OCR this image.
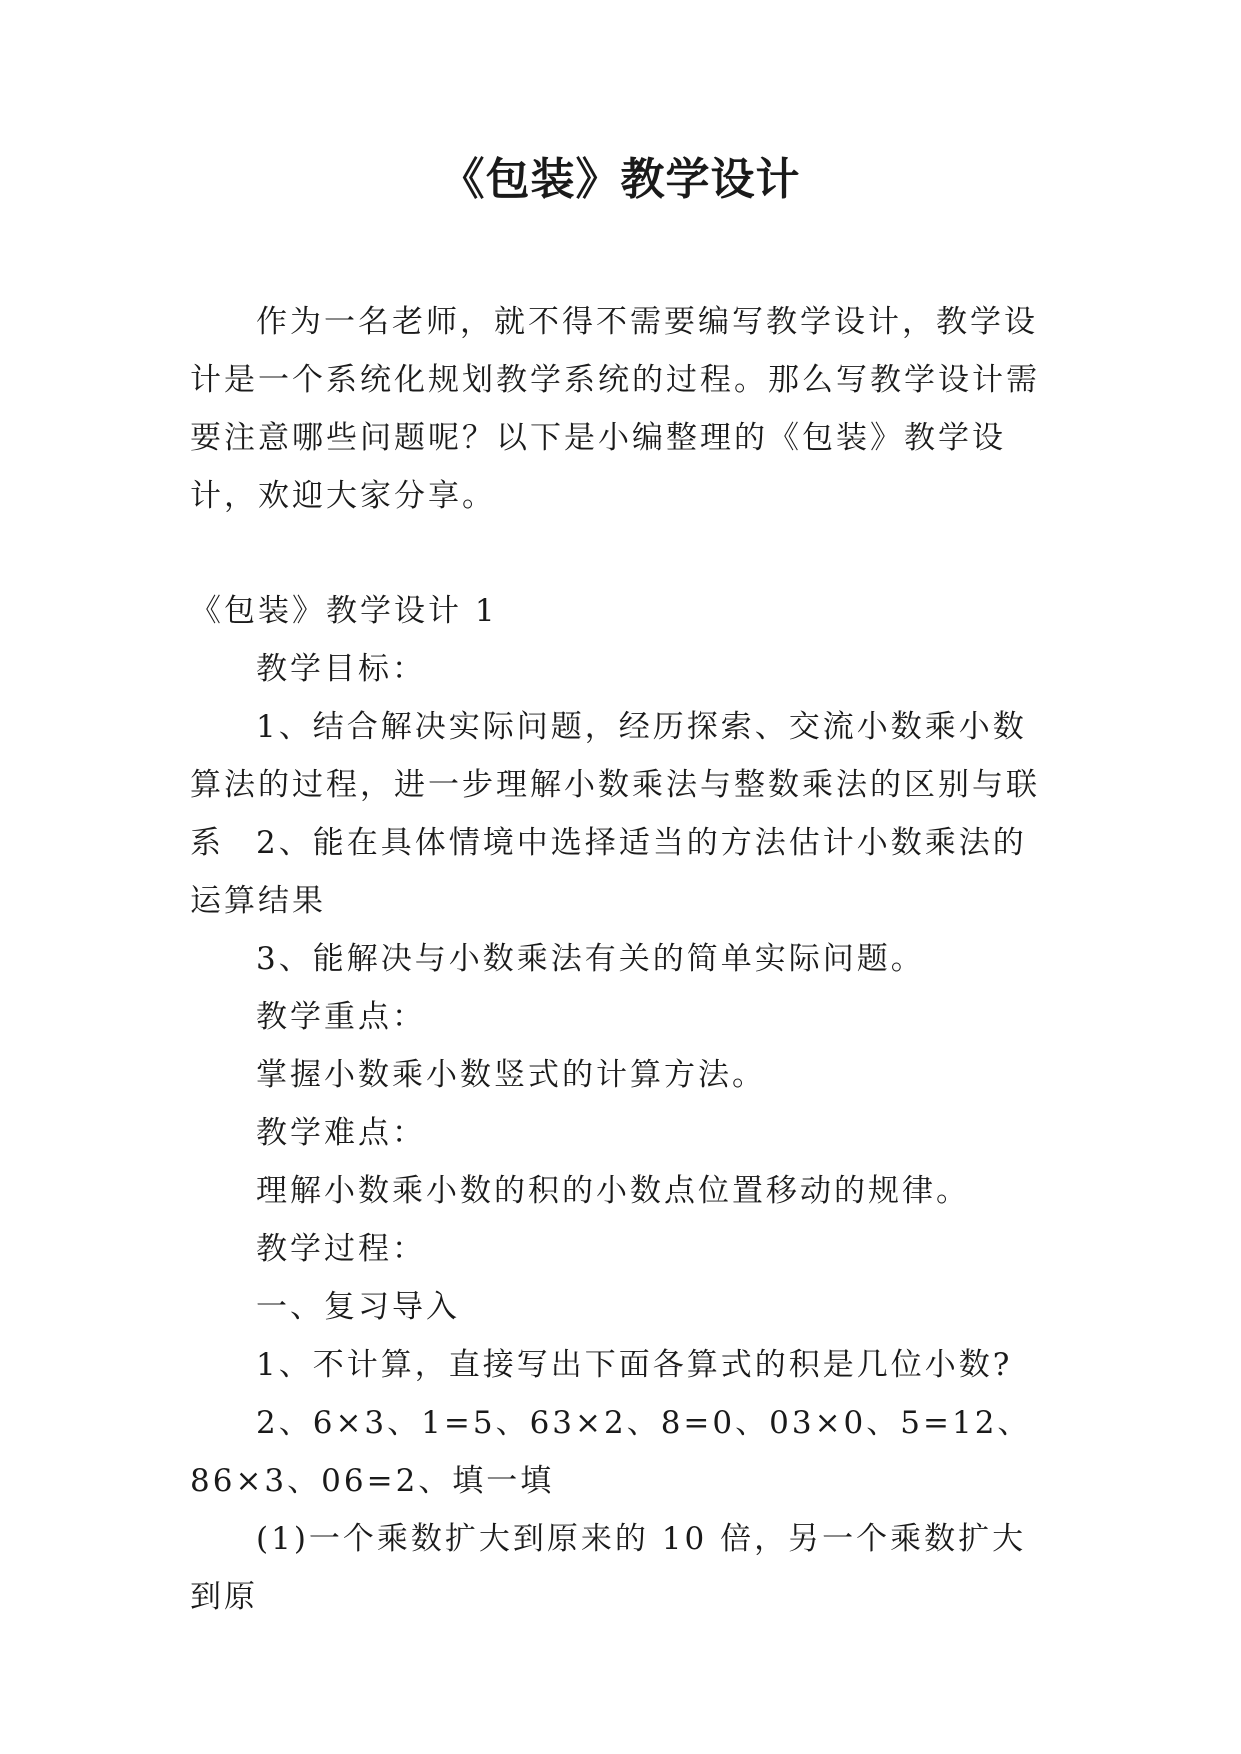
《包装》教学设计

作为一名老师，就不得不需要编写教学设计，教学设计是一个系统化规划教学系统的过程。那么写教学设计需要注意哪些问题呢？以下是小编整理的《包装》教学设计，欢迎大家分享。

《包装》教学设计 1

教学目标：

1、结合解决实际问题，经历探索、交流小数乘小数算法的过程，进一步理解小数乘法与整数乘法的区别与联系	2、能在具体情境中选择适当的方法估计小数乘法的运算结果

3、能解决与小数乘法有关的简单实际问题。

教学重点：

掌握小数乘小数竖式的计算方法。

教学难点：

理解小数乘小数的积的小数点位置移动的规律。

教学过程：

一、复习导入

1、不计算，直接写出下面各算式的积是几位小数?

2、6×3、1=5、63×2、8=0、03×0、5=12、86×3、06=2、填一填

(1)一个乘数扩大到原来的 10 倍，另一个乘数扩大到原
